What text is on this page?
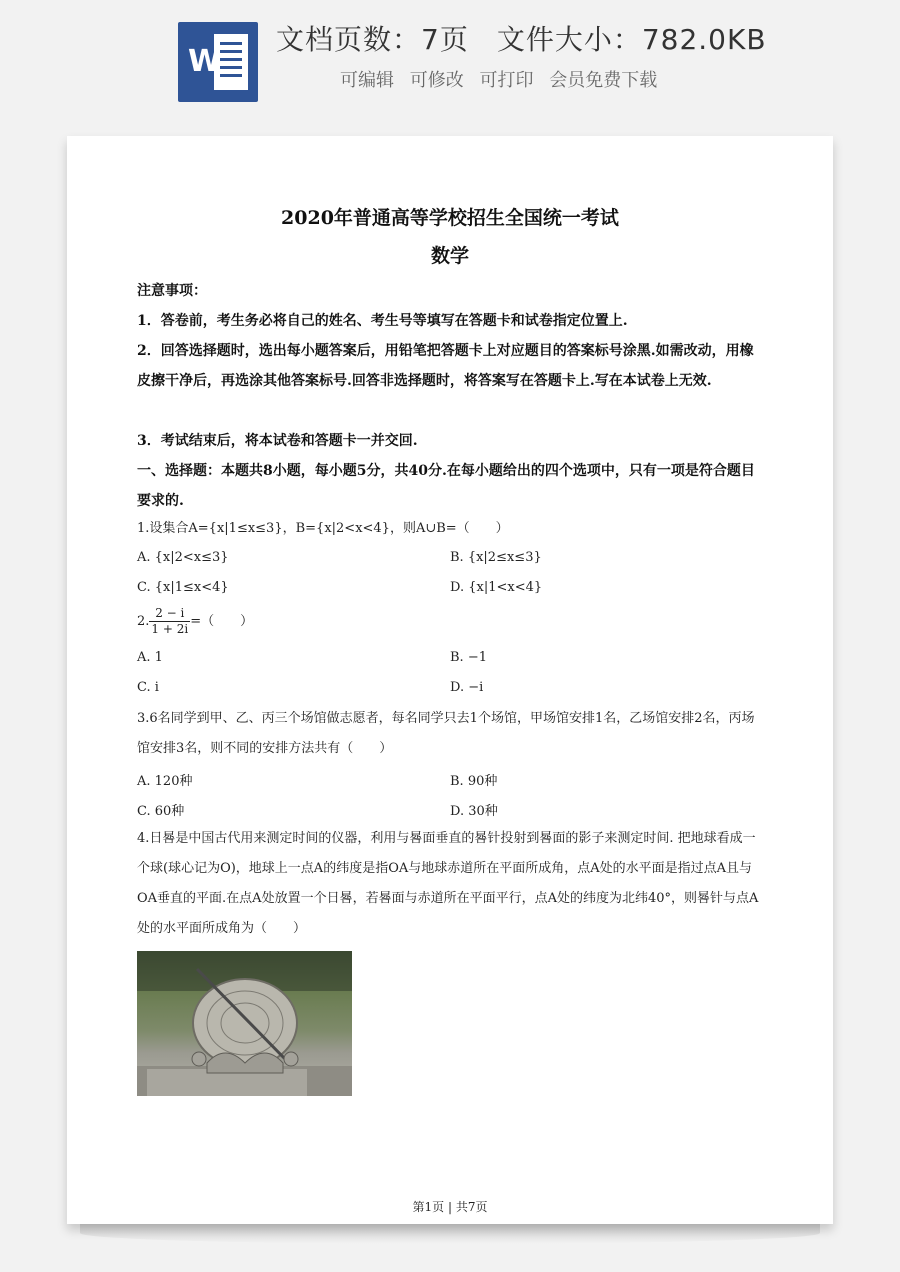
W
文档页数：7页 文件大小：782.0KB
可编辑 可修改 可打印 会员免费下载
2020年普通高等学校招生全国统一考试
数学
注意事项：
1．答卷前，考生务必将自己的姓名、考生号等填写在答题卡和试卷指定位置上.
2．回答选择题时，选出每小题答案后，用铅笔把答题卡上对应题目的答案标号涂黑.如需改动，用橡皮擦干净后，再选涂其他答案标号.回答非选择题时，将答案写在答题卡上.写在本试卷上无效.
3．考试结束后，将本试卷和答题卡一并交回.
一、选择题：本题共8小题，每小题5分，共40分.在每小题给出的四个选项中，只有一项是符合题目要求的.
1.设集合A={x|1≤x≤3}，B={x|2<x<4}，则A∪B=（　　）
A. {x|2<x≤3}	B. {x|2≤x≤3}
C. {x|1≤x<4}	D. {x|1<x<4}
2. $\frac{2 - i}{1 + 2i}$ =（　　）
A. 1	B. −1
C. i	D. −i
3.6名同学到甲、乙、丙三个场馆做志愿者，每名同学只去1个场馆，甲场馆安排1名，乙场馆安排2名，丙场馆安排3名，则不同的安排方法共有（　　）
A. 120种	B. 90种
C. 60种	D. 30种
4.日晷是中国古代用来测定时间的仪器，利用与晷面垂直的晷针投射到晷面的影子来测定时间. 把地球看成一个球(球心记为O)，地球上一点A的纬度是指OA与地球赤道所在平面所成角，点A处的水平面是指过点A且与OA垂直的平面.在点A处放置一个日晷，若晷面与赤道所在平面平行，点A处的纬度为北纬40°，则晷针与点A处的水平面所成角为（　　）
第1页 | 共7页
